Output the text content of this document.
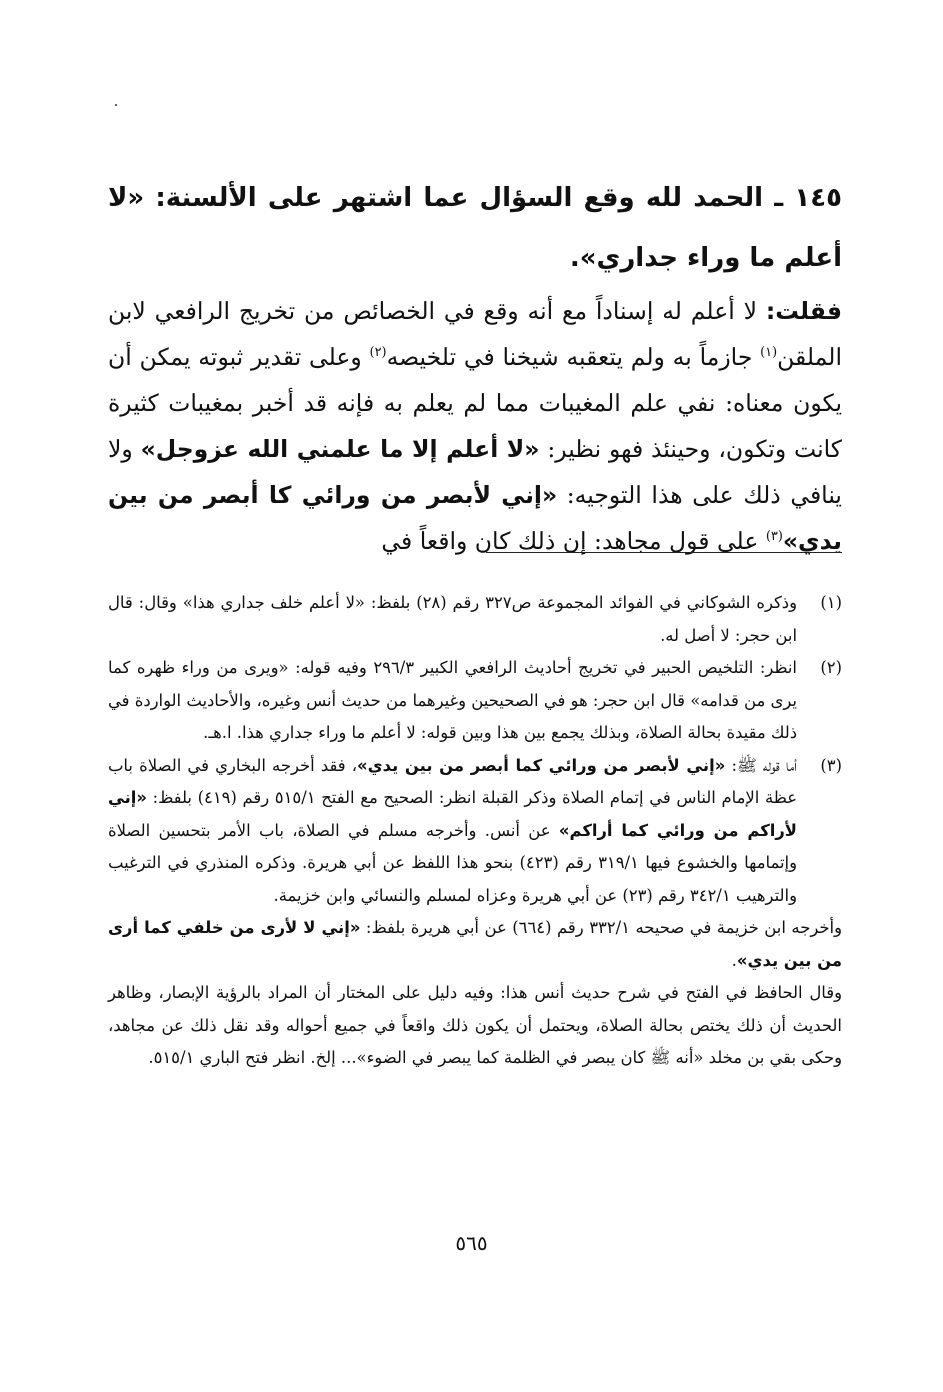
١٤٥ ـ الحمد لله وقع السؤال عما اشتهر على الألسنة: «لا أعلم ما وراء جداري».

فقلت: لا أعلم له إسناداً مع أنه وقع في الخصائص من تخريج الرافعي لابن الملقن$^{(١)}$ جازماً به ولم يتعقبه شيخنا في تلخيصه$^{(٢)}$ وعلى تقدير ثبوته يمكن أن يكون معناه: نفي علم المغيبات مما لم يعلم به فإنه قد أخبر بمغيبات كثيرة كانت وتكون، وحينئذ فهو نظير: «لا أعلم إلا ما علمني الله عزوجل» ولا ينافي ذلك على هذا التوجيه: «إني لأبصر من ورائي كا أبصر من بين يدي»$^{(٣)}$ على قول مجاهد: إن ذلك كان واقعاً في

(١)
وذكره الشوكاني في الفوائد المجموعة ص٣٢٧ رقم (٢٨) بلفظ: «لا أعلم خلف جداري هذا» وقال: قال ابن حجر: لا أصل له.
(٢)
انظر: التلخيص الحبير في تخريج أحاديث الرافعي الكبير ٢٩٦/٣ وفيه قوله: «ويرى من وراء ظهره كما يرى من قدامه» قال ابن حجر: هو في الصحيحين وغيرهما من حديث أنس وغيره، والأحاديث الواردة في ذلك مقيدة بحالة الصلاة، وبذلك يجمع بين هذا وبين قوله: لا أعلم ما وراء جداري هذا. ا.هـ.
(٣)
أما قوله ﷺ: «إني لأبصر من ورائي كما أبصر من بين يدي»، فقد أخرجه البخاري في الصلاة باب عظة الإمام الناس في إتمام الصلاة وذكر القبلة انظر: الصحيح مع الفتح ٥١٥/١ رقم (٤١٩) بلفظ: «إني لأراكم من ورائي كما أراكم» عن أنس. وأخرجه مسلم في الصلاة، باب الأمر بتحسين الصلاة وإتمامها والخشوع فيها ٣١٩/١ رقم (٤٢٣) بنحو هذا اللفظ عن أبي هريرة. وذكره المنذري في الترغيب والترهيب ٣٤٢/١ رقم (٢٣) عن أبي هريرة وعزاه لمسلم والنسائي وابن خزيمة.

وأخرجه ابن خزيمة في صحيحه ٣٣٢/١ رقم (٦٦٤) عن أبي هريرة بلفظ: «إني لا لأرى من خلفي كما أرى من بين يدي».

وقال الحافظ في الفتح في شرح حديث أنس هذا: وفيه دليل على المختار أن المراد بالرؤية الإبصار، وظاهر الحديث أن ذلك يختص بحالة الصلاة، ويحتمل أن يكون ذلك واقعاً في جميع أحواله وقد نقل ذلك عن مجاهد، وحكى بقي بن مخلد «أنه ﷺ كان يبصر في الظلمة كما يبصر في الضوء»... إلخ. انظر فتح الباري ٥١٥/١.

٥٦٥
